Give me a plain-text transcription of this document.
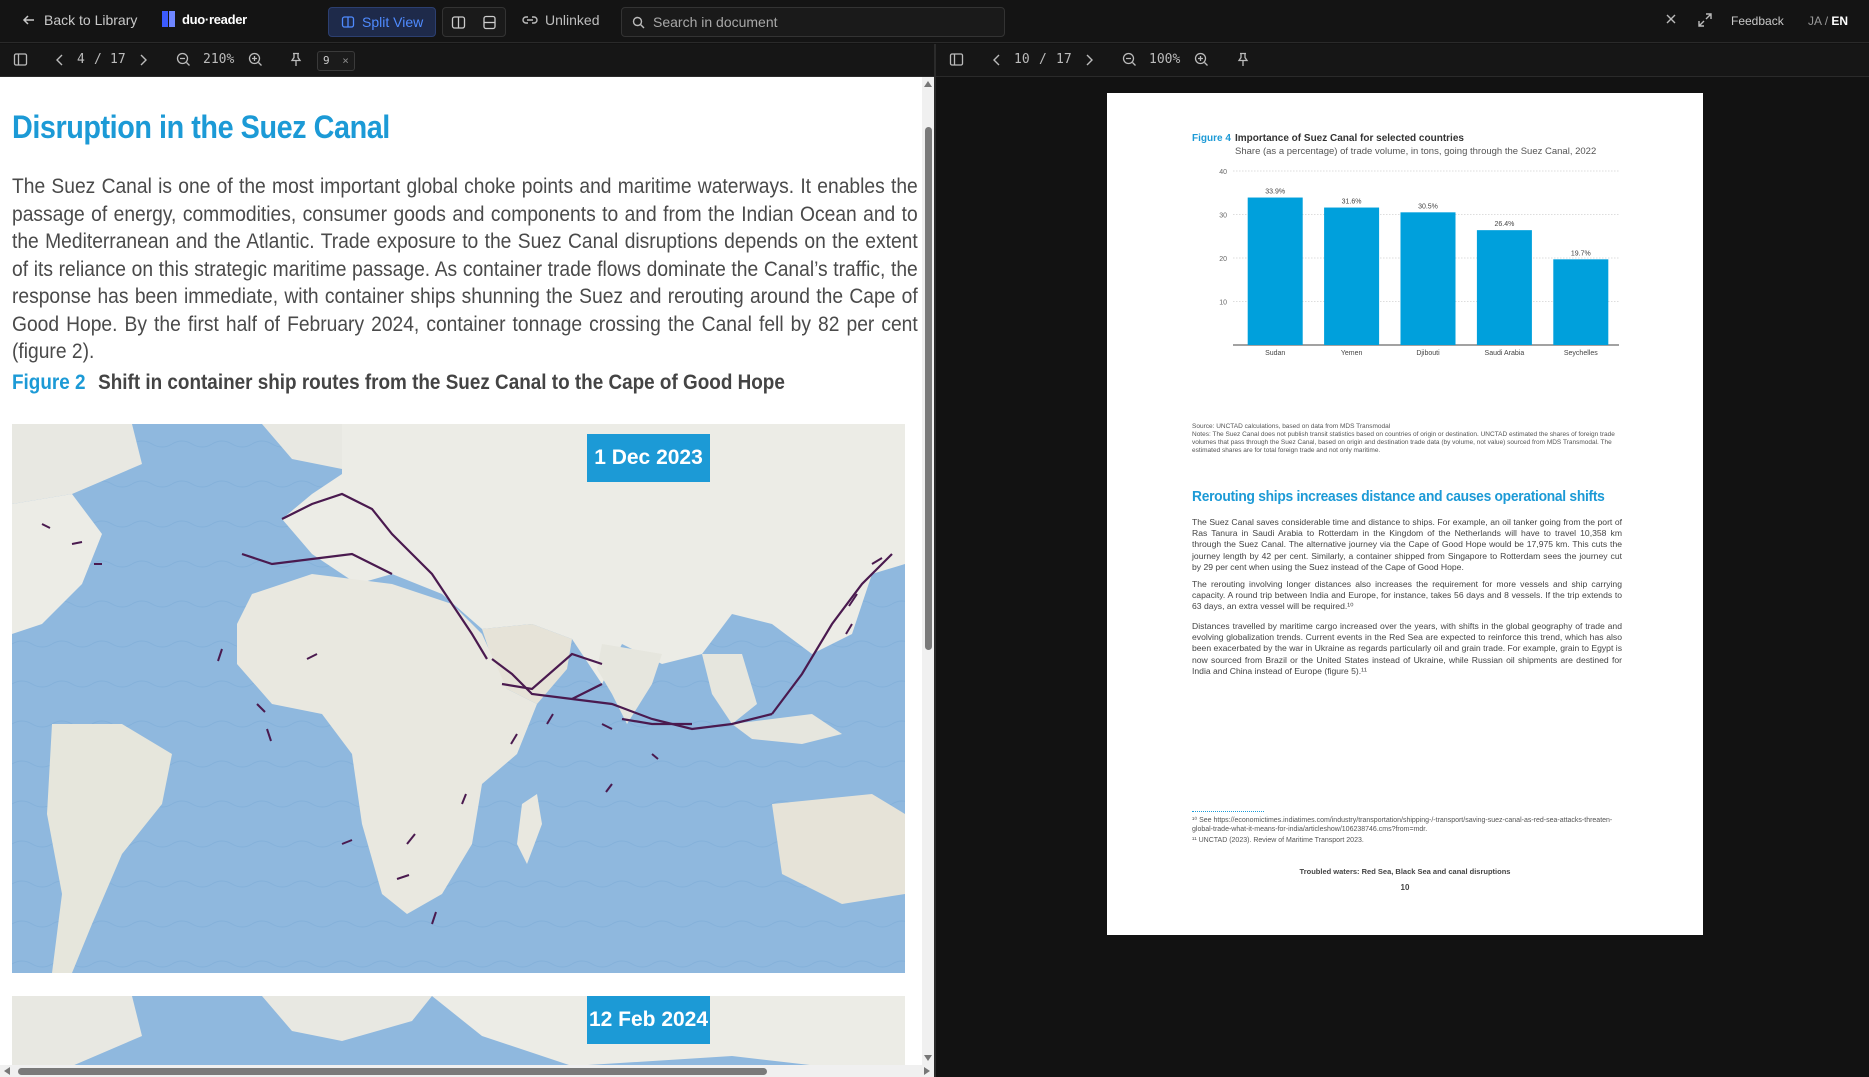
Back to Library	duo·reader	Split View	Unlinked
Search in document	Feedback JA / EN
4 / 17	210%	9 ×	10 / 17	100%
Disruption in the Suez Canal
The Suez Canal is one of the most important global choke points and maritime waterways. It enables the passage of energy, commodities, consumer goods and components to and from the Indian Ocean and to the Mediterranean and the Atlantic. Trade exposure to the Suez Canal disruptions depends on the extent of its reliance on this strategic maritime passage. As container trade flows dominate the Canal’s traffic, the response has been immediate, with container ships shunning the Suez and rerouting around the Cape of Good Hope. By the first half of February 2024, container tonnage crossing the Canal fell by 82 per cent (figure 2).
Figure 2 Shift in container ship routes from the Suez Canal to the Cape of Good Hope
1 Dec 2023
12 Feb 2024
Figure 4 Importance of Suez Canal for selected countries
Share (as a percentage) of trade volume, in tons, going through the Suez Canal, 2022
10
20
30
40
33.9%
Sudan
31.6%
Yemen
30.5%
Djibouti
26.4%
Saudi Arabia
19.7%
Seychelles
Source: UNCTAD calculations, based on data from MDS Transmodal
Notes: The Suez Canal does not publish transit statistics based on countries of origin or destination. UNCTAD estimated the shares of foreign trade volumes that pass through the Suez Canal, based on origin and destination trade data (by volume, not value) sourced from MDS Transmodal. The estimated shares are for total foreign trade and not only maritime.
Rerouting ships increases distance and causes operational shifts
The Suez Canal saves considerable time and distance to ships. For example, an oil tanker going from the port of Ras Tanura in Saudi Arabia to Rotterdam in the Kingdom of the Netherlands will have to travel 10,358 km through the Suez Canal. The alternative journey via the Cape of Good Hope would be 17,975 km. This cuts the journey length by 42 per cent. Similarly, a container shipped from Singapore to Rotterdam sees the journey cut by 29 per cent when using the Suez instead of the Cape of Good Hope.
The rerouting involving longer distances also increases the requirement for more vessels and ship carrying capacity. A round trip between India and Europe, for instance, takes 56 days and 8 vessels. If the trip extends to 63 days, an extra vessel will be required.¹⁰
Distances travelled by maritime cargo increased over the years, with shifts in the global geography of trade and evolving globalization trends. Current events in the Red Sea are expected to reinforce this trend, which has also been exacerbated by the war in Ukraine as regards particularly oil and grain trade. For example, grain to Egypt is now sourced from Brazil or the United States instead of Ukraine, while Russian oil shipments are destined for India and China instead of Europe (figure 5).¹¹
¹⁰ See https://economictimes.indiatimes.com/industry/transportation/shipping-/-transport/saving-suez-canal-as-red-sea-attacks-threaten-global-trade-what-it-means-for-india/articleshow/106238746.cms?from=mdr.
¹¹ UNCTAD (2023). Review of Maritime Transport 2023.
Troubled waters: Red Sea, Black Sea and canal disruptions
10
